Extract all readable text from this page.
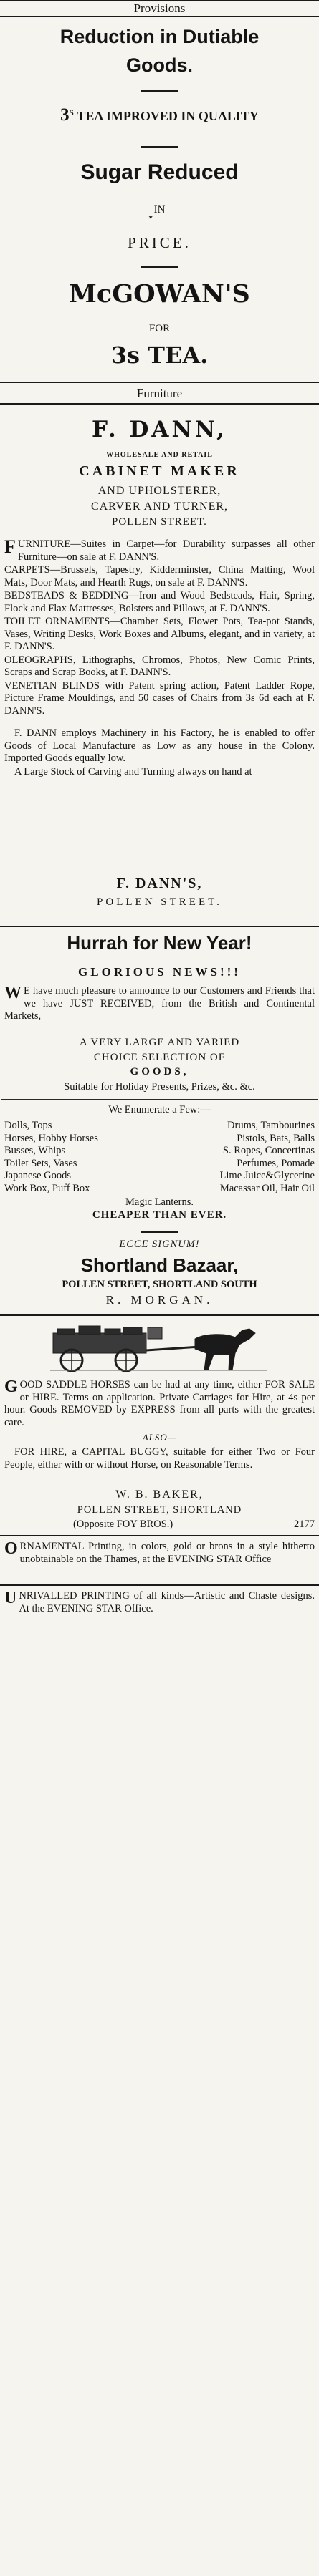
Provisions
Reduction in Dutiable
Goods.
3s TEA IMPROVED IN QUALITY
Sugar Reduced
IN
✶
PRICE.
McGOWAN'S
FOR
3s TEA.
Furniture
F. DANN,
WHOLESALE AND RETAIL
CABINET MAKER
AND UPHOLSTERER,
CARVER AND TURNER,
POLLEN STREET.
FURNITURE—Suites in Carpet—for Durability surpasses all other Furniture—on sale at F. DANN'S.
CARPETS—Brussels, Tapestry, Kidderminster, China Matting, Wool Mats, Door Mats, and Hearth Rugs, on sale at F. DANN'S.
BEDSTEADS & BEDDING—Iron and Wood Bedsteads, Hair, Spring, Flock and Flax Mattresses, Bolsters and Pillows, at F. DANN'S.
TOILET ORNAMENTS—Chamber Sets, Flower Pots, Tea-pot Stands, Vases, Writing Desks, Work Boxes and Albums, elegant, and in variety, at F. DANN'S.
OLEOGRAPHS, Lithographs, Chromos, Photos, New Comic Prints, Scraps and Scrap Books, at F. DANN'S.
VENETIAN BLINDS with Patent spring action, Patent Ladder Rope, Picture Frame Mouldings, and 50 cases of Chairs from 3s 6d each at F. DANN'S.
F. DANN employs Machinery in his Factory, he is enabled to offer Goods of Local Manufacture as Low as any house in the Colony. Imported Goods equally low.
A Large Stock of Carving and Turning always on hand at
F. DANN'S,
POLLEN STREET.
Hurrah for New Year!
GLORIOUS NEWS!!!
W E have much pleasure to announce to our Customers and Friends that we have JUST RECEIVED, from the British and Continental Markets,
A VERY LARGE AND VARIED
CHOICE SELECTION OF
GOODS,
Suitable for Holiday Presents, Prizes, &c. &c.
We Enumerate a Few:—
Dolls, Tops	Drums, Tambourines
Horses, Hobby Horses	Pistols, Bats, Balls
Busses, Whips	S. Ropes, Concertinas
Toilet Sets, Vases	Perfumes, Pomade
Japanese Goods	Lime Juice&Glycerine
Work Box, Puff Box	Macassar Oil, Hair Oil
Magic Lanterns.
CHEAPER THAN EVER.
ECCE SIGNUM!
Shortland Bazaar,
POLLEN STREET, SHORTLAND SOUTH
R. MORGAN.
GOOD SADDLE HORSES can be had at any time, either FOR SALE or HIRE. Terms on application. Private Carriages for Hire, at 4s per hour. Goods REMOVED by EXPRESS from all parts with the greatest care.
ALSO—
FOR HIRE, a CAPITAL BUGGY, suitable for either Two or Four People, either with or without Horse, on Reasonable Terms.
W. B. BAKER,
POLLEN STREET, SHORTLAND
(Opposite FOY BROS.)	2177
ORNAMENTAL Printing, in colors, gold or brons in a style hitherto unobtainable on the Thames, at the EVENING STAR Office
UNRIVALLED PRINTING of all kinds—Artistic and Chaste designs. At the EVENING STAR Office.
